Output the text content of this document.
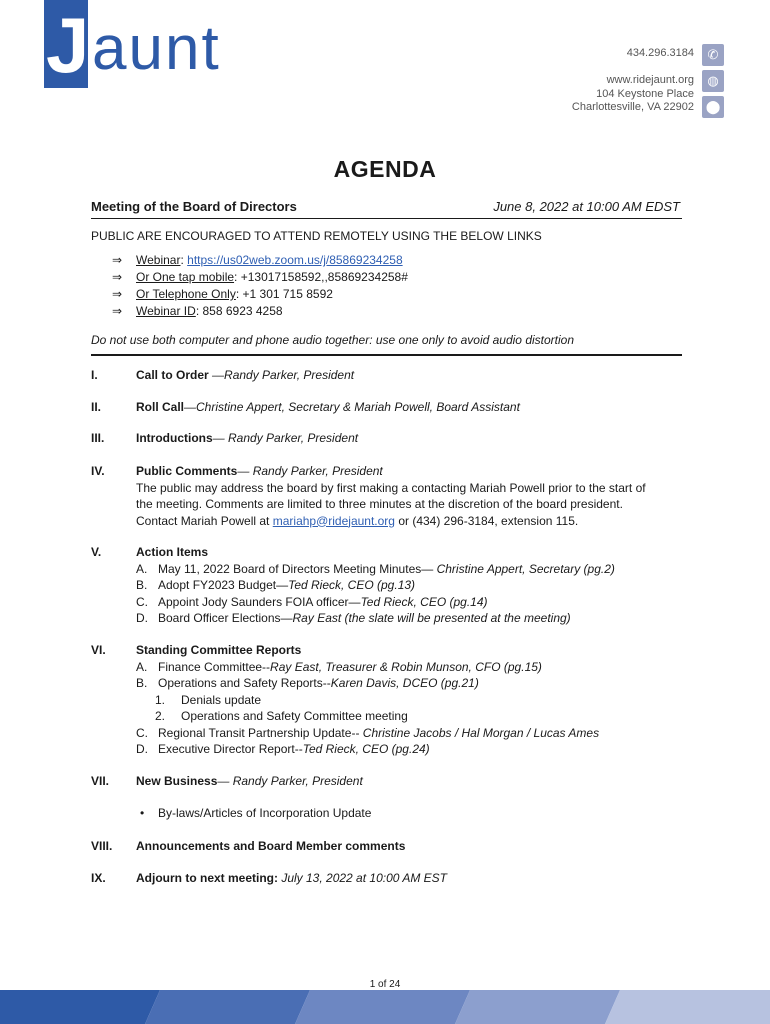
J aunt	434.296.3184
www.ridejaunt.org
104 Keystone Place
Charlottesville, VA 22902
✆
◍
⬤
AGENDA
Meeting of the Board of Directors	June 8, 2022 at 10:00 AM EDST
PUBLIC ARE ENCOURAGED TO ATTEND REMOTELY USING THE BELOW LINKS
⇒ Webinar: https://us02web.zoom.us/j/85869234258
⇒ Or One tap mobile: +13017158592,,85869234258#
⇒ Or Telephone Only: +1 301 715 8592
⇒ Webinar ID: 858 6923 4258
Do not use both computer and phone audio together: use one only to avoid audio distortion
I.	Call to Order —Randy Parker, President
II.	Roll Call—Christine Appert, Secretary & Mariah Powell, Board Assistant
III.	Introductions— Randy Parker, President
IV.	Public Comments— Randy Parker, President
The public may address the board by first making a contacting Mariah Powell prior to the start of
the meeting. Comments are limited to three minutes at the discretion of the board president.
Contact Mariah Powell at mariahp@ridejaunt.org or (434) 296-3184, extension 115.
V.	Action Items
A. May 11, 2022 Board of Directors Meeting Minutes— Christine Appert, Secretary (pg.2)
B. Adopt FY2023 Budget—Ted Rieck, CEO (pg.13)
C. Appoint Jody Saunders FOIA officer—Ted Rieck, CEO (pg.14)
D. Board Officer Elections—Ray East (the slate will be presented at the meeting)
VI.	Standing Committee Reports
A. Finance Committee--Ray East, Treasurer & Robin Munson, CFO (pg.15)
B. Operations and Safety Reports--Karen Davis, DCEO (pg.21)
1. Denials update
2. Operations and Safety Committee meeting
C. Regional Transit Partnership Update-- Christine Jacobs / Hal Morgan / Lucas Ames
D. Executive Director Report--Ted Rieck, CEO (pg.24)
VII. New Business— Randy Parker, President
• By-laws/Articles of Incorporation Update
VIII. Announcements and Board Member comments
IX.	Adjourn to next meeting: July 13, 2022 at 10:00 AM EST
1 of 24
